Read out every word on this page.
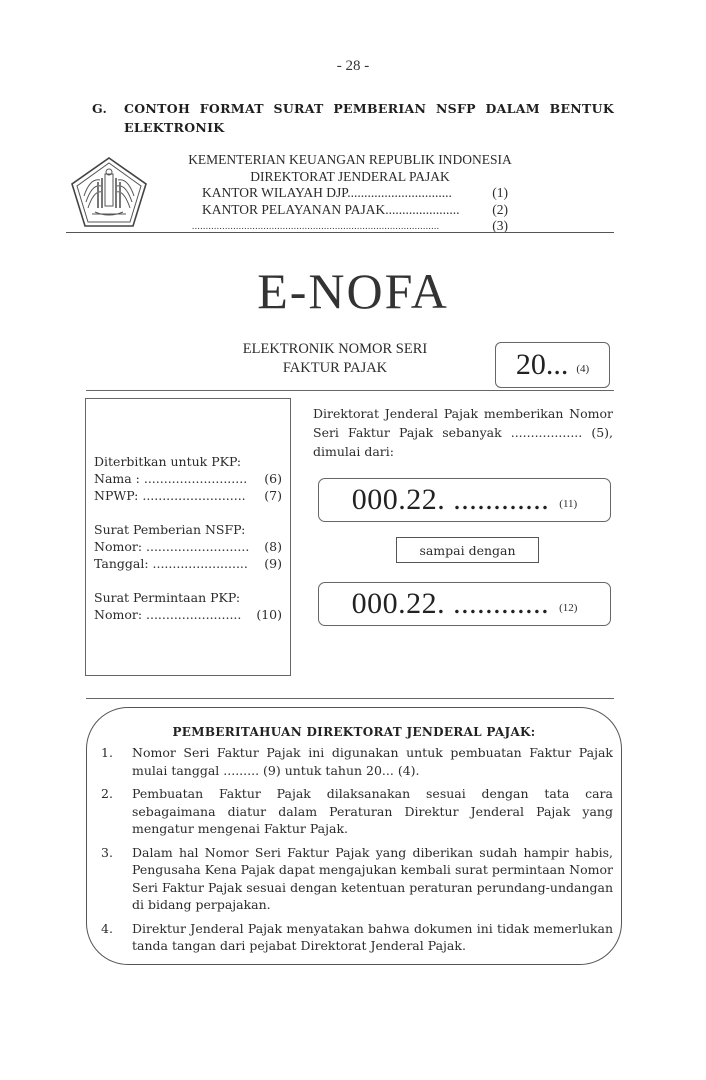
- 28 -
G. CONTOH FORMAT SURAT PEMBERIAN NSFP DALAM BENTUK
ELEKTRONIK
KEMENTERIAN KEUANGAN REPUBLIK INDONESIA
DIREKTORAT JENDERAL PAJAK
KANTOR WILAYAH DJP...............................	(1)
KANTOR PELAYANAN PAJAK...................... (2)
..........................................................................................	(3)
E-NOFA
ELEKTRONIK NOMOR SERI
FAKTUR PAJAK	20... (4)
Diterbitkan untuk PKP:
Nama : .......................... (6)
NPWP: .......................... (7)
Surat Pemberian NSFP:
Nomor: .......................... (8)
Tanggal: ........................ (9)
Surat Permintaan PKP:
Nomor: ........................ (10)
Direktorat Jenderal Pajak memberikan Nomor Seri Faktur Pajak sebanyak .................. (5), dimulai dari:
000.22. ............ (11)
sampai dengan
000.22. ............ (12)
PEMBERITAHUAN DIREKTORAT JENDERAL PAJAK:
1.	Nomor Seri Faktur Pajak ini digunakan untuk pembuatan Faktur Pajak mulai tanggal ......... (9) untuk tahun 20... (4).
2.	Pembuatan Faktur Pajak dilaksanakan sesuai dengan tata cara sebagaimana diatur dalam Peraturan Direktur Jenderal Pajak yang mengatur mengenai Faktur Pajak.
3.	Dalam hal Nomor Seri Faktur Pajak yang diberikan sudah hampir habis, Pengusaha Kena Pajak dapat mengajukan kembali surat permintaan Nomor Seri Faktur Pajak sesuai dengan ketentuan peraturan perundang-undangan di bidang perpajakan.
4.	Direktur Jenderal Pajak menyatakan bahwa dokumen ini tidak memerlukan tanda tangan dari pejabat Direktorat Jenderal Pajak.
